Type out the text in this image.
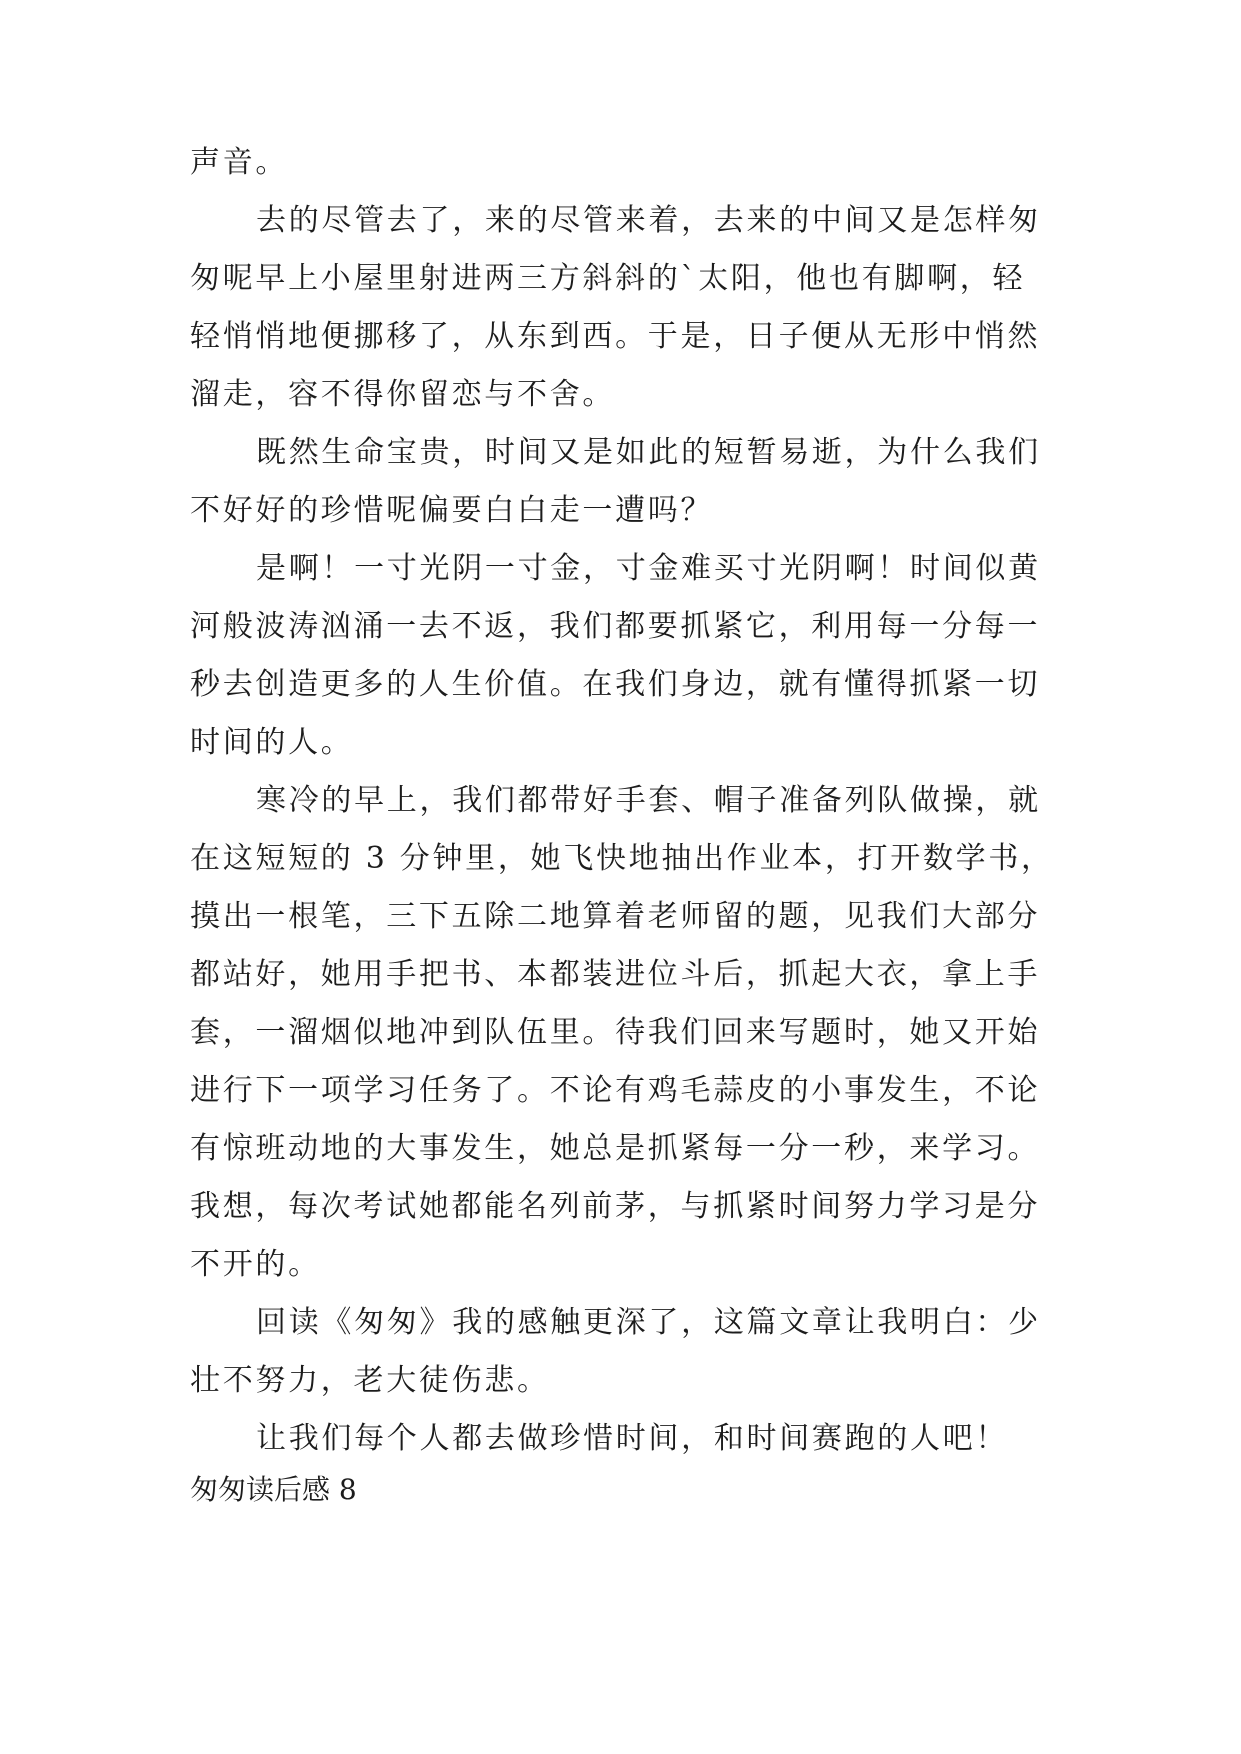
声音。
去的尽管去了，来的尽管来着，去来的中间又是怎样匆
匆呢早上小屋里射进两三方斜斜的`太阳，他也有脚啊，轻
轻悄悄地便挪移了，从东到西。于是，日子便从无形中悄然
溜走，容不得你留恋与不舍。
既然生命宝贵，时间又是如此的短暂易逝，为什么我们
不好好的珍惜呢偏要白白走一遭吗？
是啊！一寸光阴一寸金，寸金难买寸光阴啊！时间似黄
河般波涛汹涌一去不返，我们都要抓紧它，利用每一分每一
秒去创造更多的人生价值。在我们身边，就有懂得抓紧一切
时间的人。
寒冷的早上，我们都带好手套、帽子准备列队做操，就
在这短短的 3 分钟里，她飞快地抽出作业本，打开数学书，
摸出一根笔，三下五除二地算着老师留的题，见我们大部分
都站好，她用手把书、本都装进位斗后，抓起大衣，拿上手
套，一溜烟似地冲到队伍里。待我们回来写题时，她又开始
进行下一项学习任务了。不论有鸡毛蒜皮的小事发生，不论
有惊班动地的大事发生，她总是抓紧每一分一秒，来学习。
我想，每次考试她都能名列前茅，与抓紧时间努力学习是分
不开的。
回读《匆匆》我的感触更深了，这篇文章让我明白：少
壮不努力，老大徒伤悲。
让我们每个人都去做珍惜时间，和时间赛跑的人吧！
匆匆读后感 8
